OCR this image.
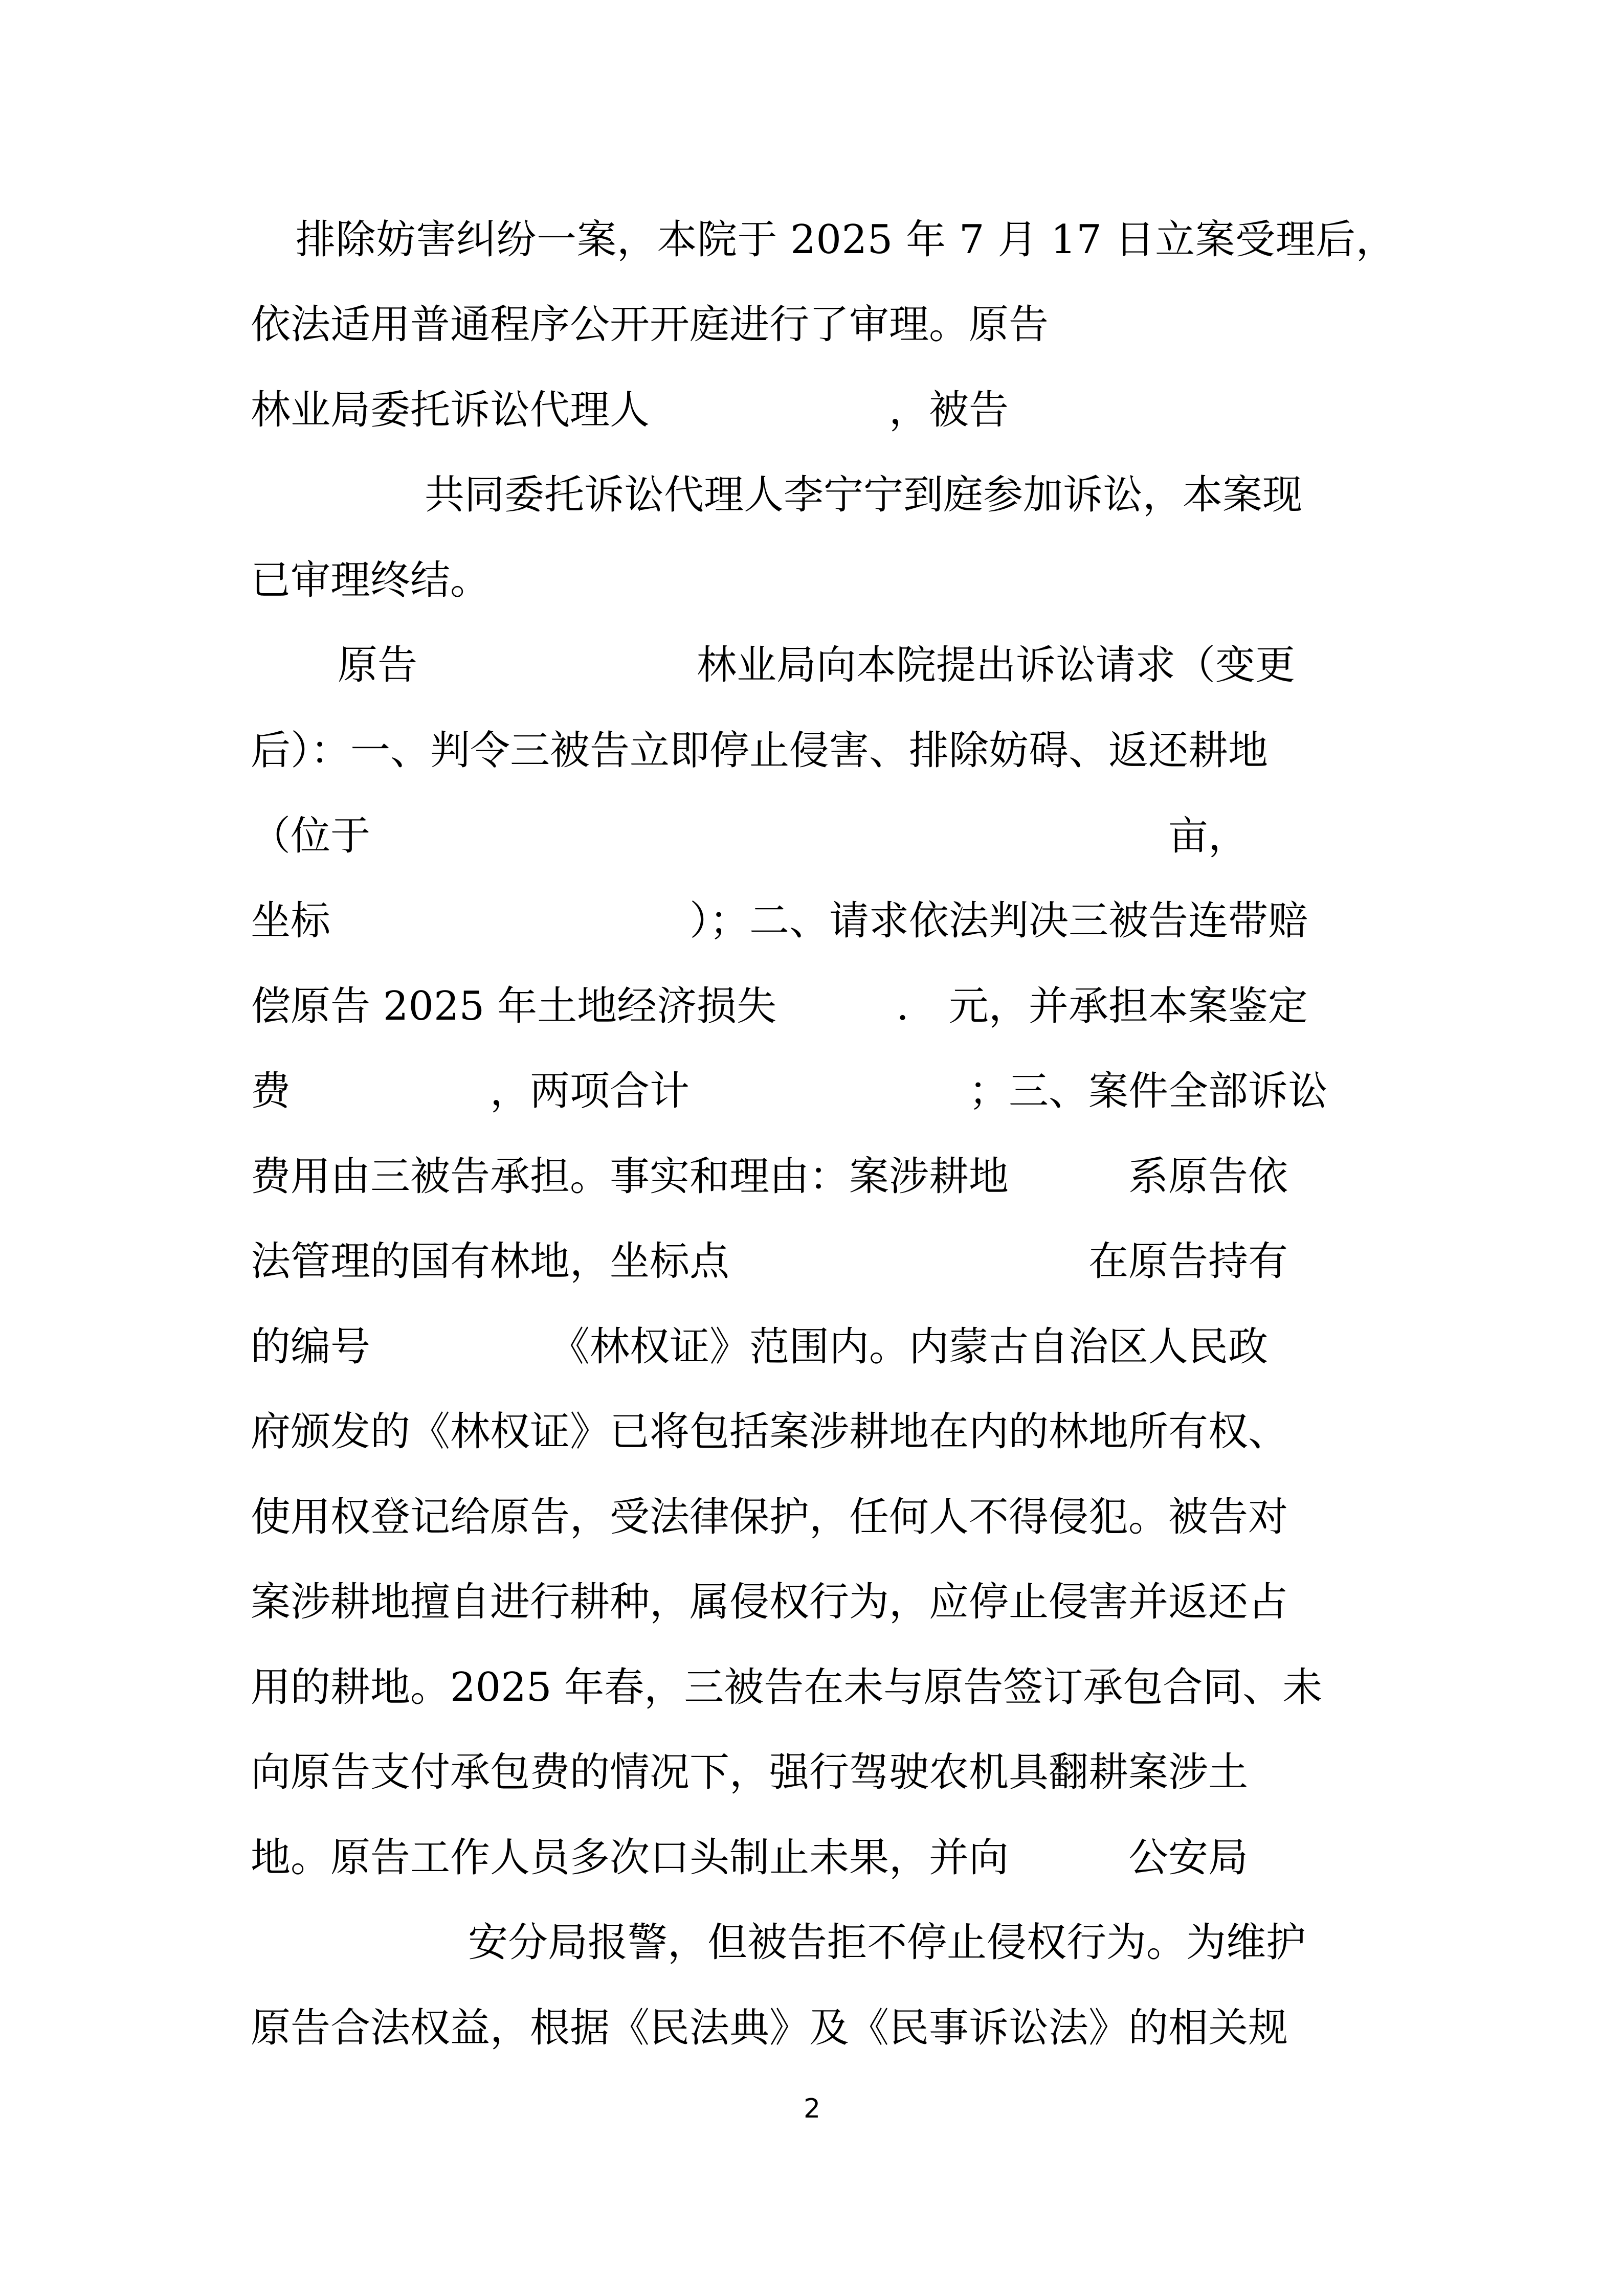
排除妨害纠纷一案，本院于 2025 年 7 月 17 日立案受理后，
依法适用普通程序公开开庭进行了审理。原告
林业局委托诉讼代理人　　　　　　，被告
共同委托诉讼代理人李宁宁到庭参加诉讼，本案现
已审理终结。
原告　　　　　　　林业局向本院提出诉讼请求（变更
后）：一、判令三被告立即停止侵害、排除妨碍、返还耕地
（位于　　　　　　　　　　　　　　　　　　　　亩，
坐标　　　　　　　　　）；二、请求依法判决三被告连带赔
偿原告 2025 年土地经济损失　　　.　元，并承担本案鉴定
费　　　　　，两项合计　　　　　　　；三、案件全部诉讼
费用由三被告承担。事实和理由：案涉耕地　　　系原告依
法管理的国有林地，坐标点　　　　　　　　　在原告持有
的编号　　　　　《林权证》范围内。内蒙古自治区人民政
府颁发的《林权证》已将包括案涉耕地在内的林地所有权、
使用权登记给原告，受法律保护，任何人不得侵犯。被告对
案涉耕地擅自进行耕种，属侵权行为，应停止侵害并返还占
用的耕地。2025 年春，三被告在未与原告签订承包合同、未
向原告支付承包费的情况下，强行驾驶农机具翻耕案涉土
地。原告工作人员多次口头制止未果，并向　　　公安局
安分局报警，但被告拒不停止侵权行为。为维护
原告合法权益，根据《民法典》及《民事诉讼法》的相关规
2
